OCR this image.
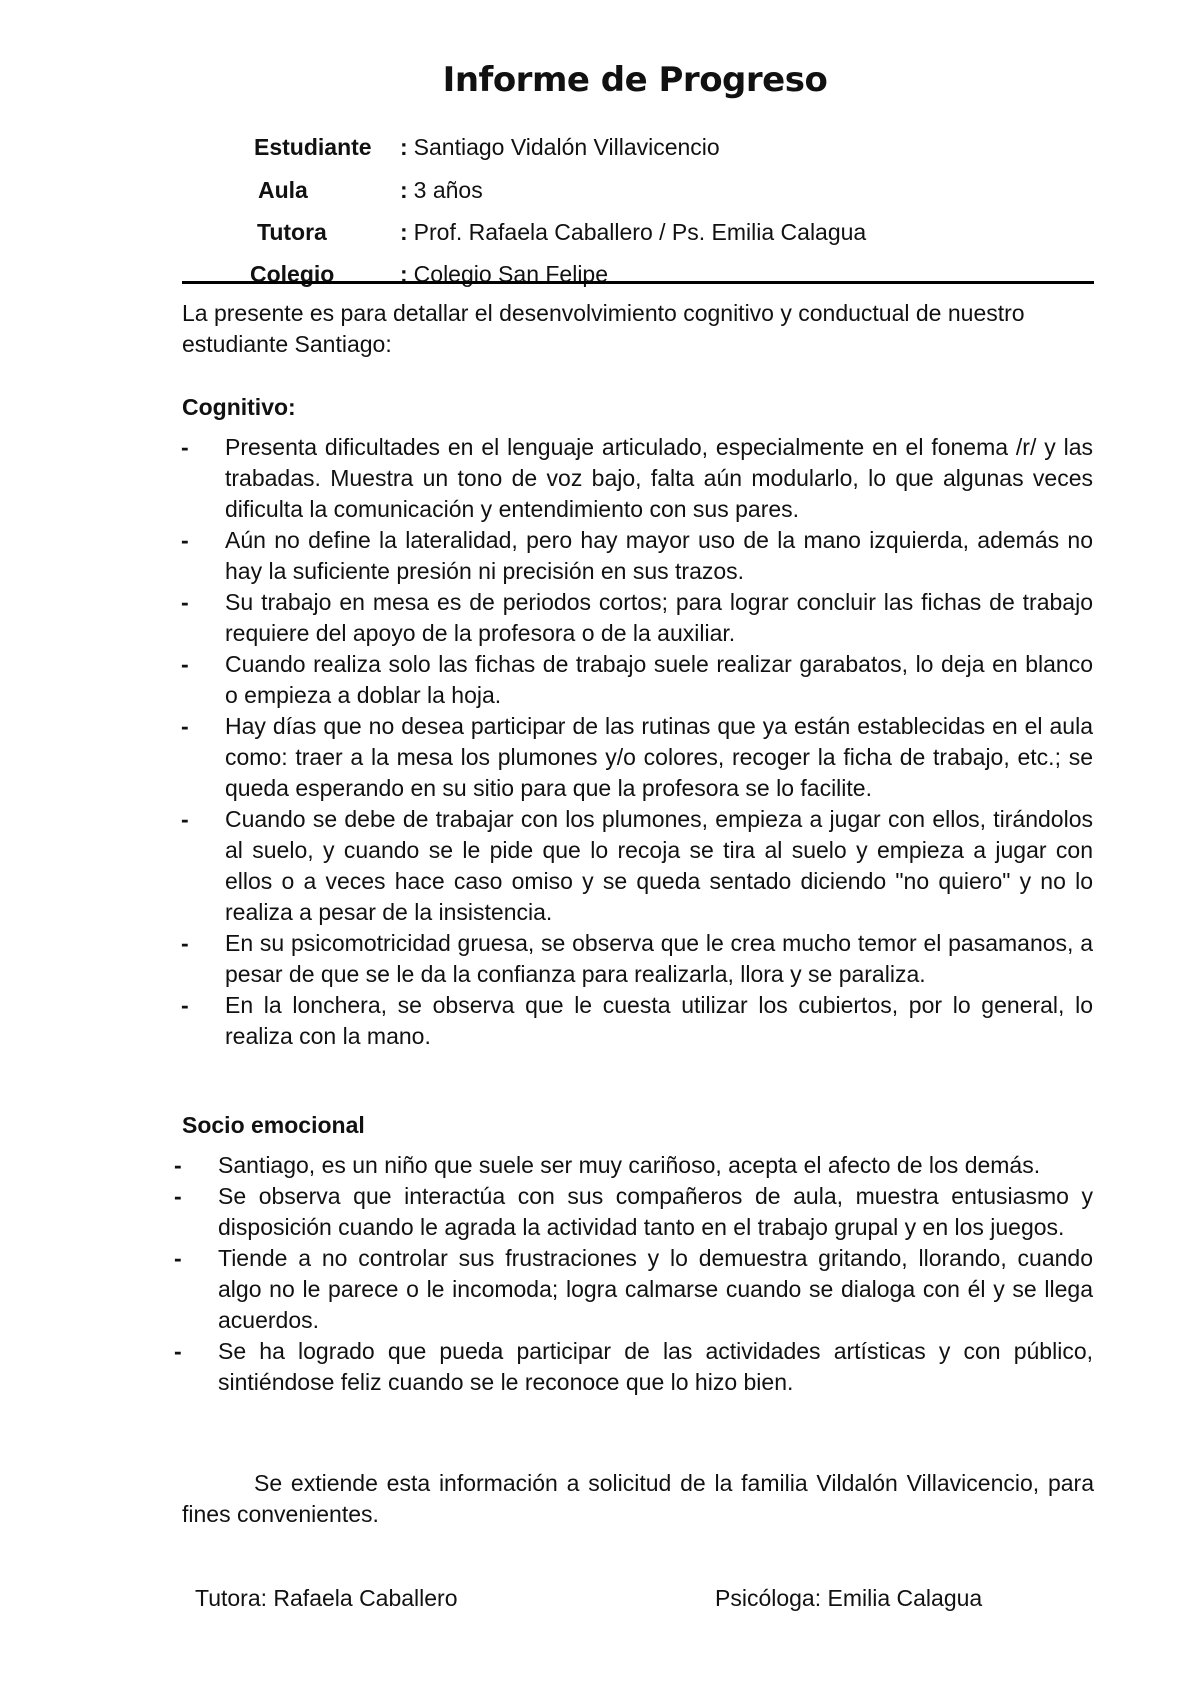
Informe de Progreso
Estudiante : Santiago Vidalón Villavicencio
Aula	: 3 años
Tutora	: Prof. Rafaela Caballero / Ps. Emilia Calagua
Colegio	: Colegio San Felipe
La presente es para detallar el desenvolvimiento cognitivo y conductual de nuestro estudiante Santiago:
Cognitivo:
- Presenta dificultades en el lenguaje articulado, especialmente en el fonema /r/ y las trabadas. Muestra un tono de voz bajo, falta aún modularlo, lo que algunas veces dificulta la comunicación y entendimiento con sus pares.
- Aún no define la lateralidad, pero hay mayor uso de la mano izquierda, además no hay la suficiente presión ni precisión en sus trazos.
- Su trabajo en mesa es de periodos cortos; para lograr concluir las fichas de trabajo requiere del apoyo de la profesora o de la auxiliar.
- Cuando realiza solo las fichas de trabajo suele realizar garabatos, lo deja en blanco o empieza a doblar la hoja.
- Hay días que no desea participar de las rutinas que ya están establecidas en el aula como: traer a la mesa los plumones y/o colores, recoger la ficha de trabajo, etc.; se queda esperando en su sitio para que la profesora se lo facilite.
- Cuando se debe de trabajar con los plumones, empieza a jugar con ellos, tirándolos al suelo, y cuando se le pide que lo recoja se tira al suelo y empieza a jugar con ellos o a veces hace caso omiso y se queda sentado diciendo "no quiero" y no lo realiza a pesar de la insistencia.
- En su psicomotricidad gruesa, se observa que le crea mucho temor el pasamanos, a pesar de que se le da la confianza para realizarla, llora y se paraliza.
- En la lonchera, se observa que le cuesta utilizar los cubiertos, por lo general, lo realiza con la mano.
Socio emocional
- Santiago, es un niño que suele ser muy cariñoso, acepta el afecto de los demás.
- Se observa que interactúa con sus compañeros de aula, muestra entusiasmo y disposición cuando le agrada la actividad tanto en el trabajo grupal y en los juegos.
- Tiende a no controlar sus frustraciones y lo demuestra gritando, llorando, cuando algo no le parece o le incomoda; logra calmarse cuando se dialoga con él y se llega acuerdos.
- Se ha logrado que pueda participar de las actividades artísticas y con público, sintiéndose feliz cuando se le reconoce que lo hizo bien.
Se extiende esta información a solicitud de la familia Vildalón Villavicencio, para fines convenientes.
Tutora: Rafaela Caballero	Psicóloga: Emilia Calagua
